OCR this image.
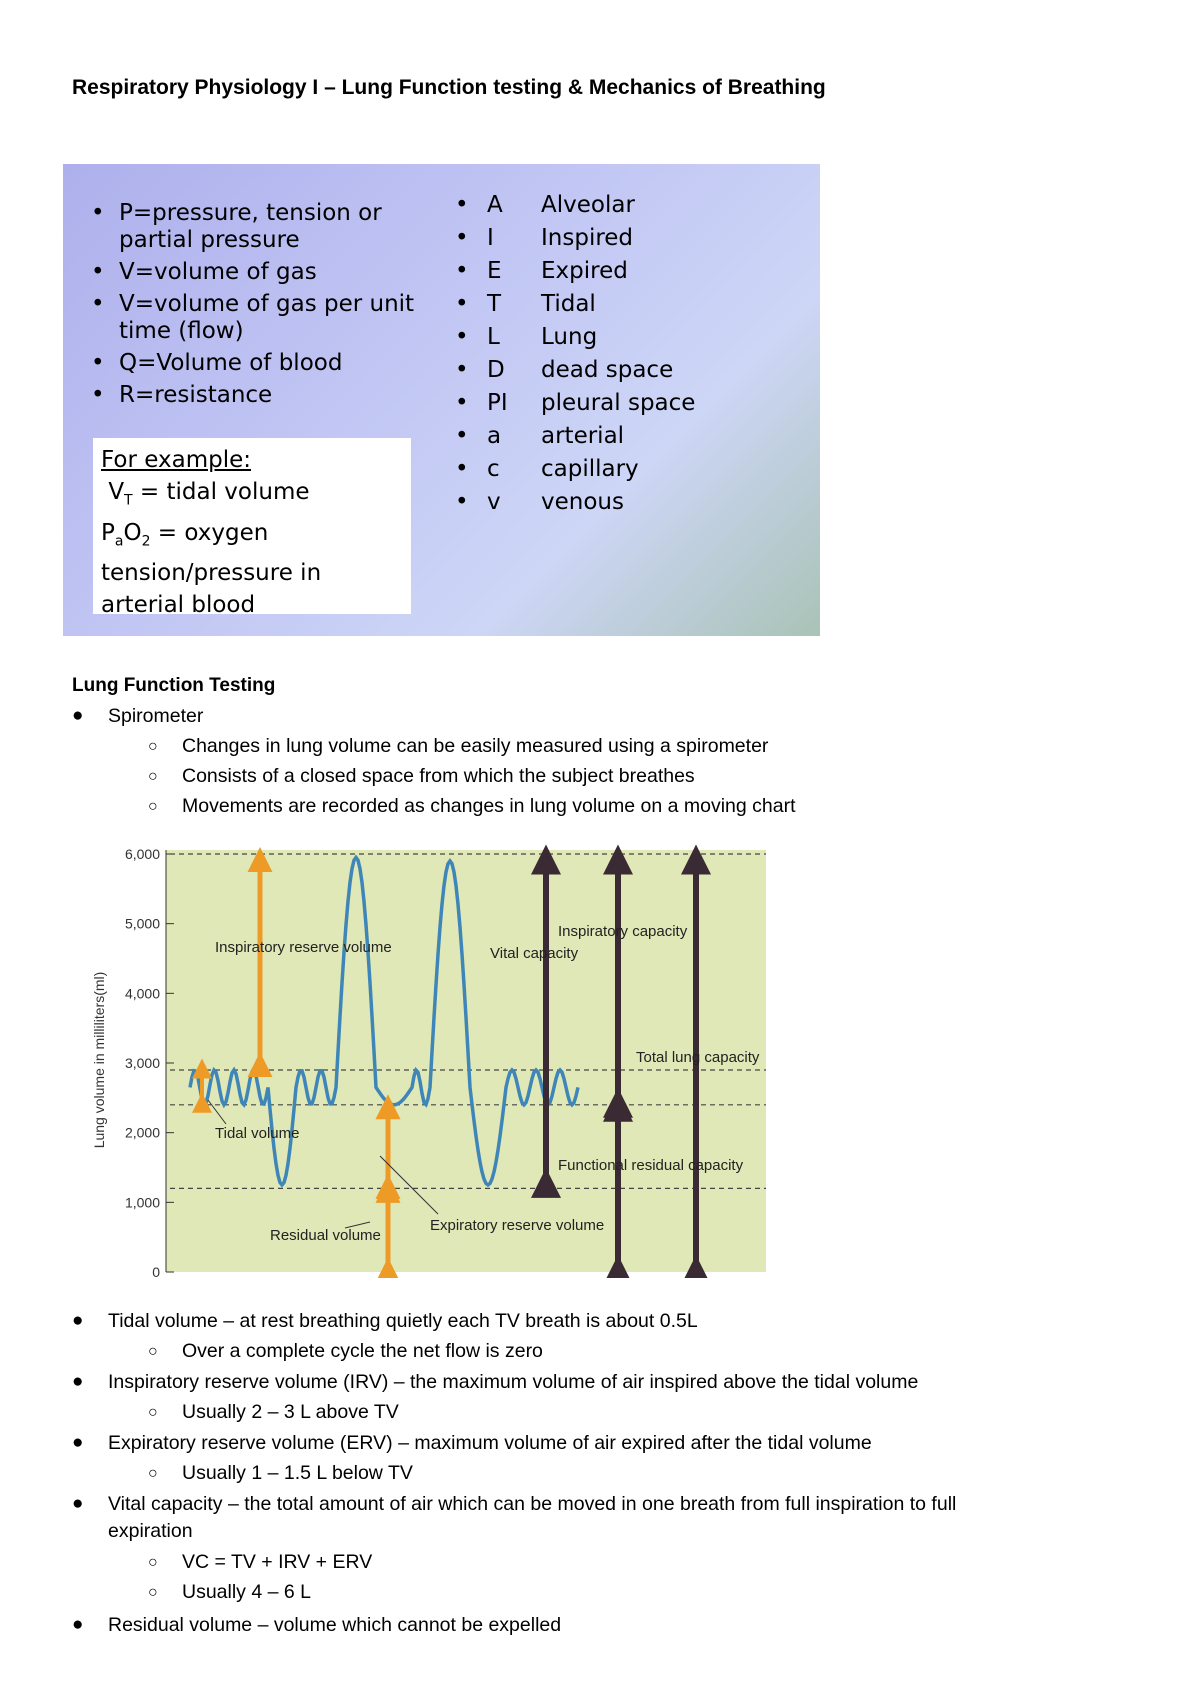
Respiratory Physiology I – Lung Function testing & Mechanics of Breathing
• P=pressure, tension or partial pressure
• V=volume of gas
• V=volume of gas per unit time (flow)
• Q=Volume of blood
• R=resistance
For example:
$V_T$ = tidal volume
$P_aO_2$ = oxygen tension/pressure in arterial blood
• A Alveolar
• I Inspired
• E Expired
• T Tidal
• L Lung
• D dead space
• PI pleural space
• a arterial
• c capillary
• v venous
Lung Function Testing
● Spirometer
○ Changes in lung volume can be easily measured using a spirometer
○ Consists of a closed space from which the subject breathes
○ Movements are recorded as changes in lung volume on a moving chart
0
1,000
2,000
3,000
4,000
5,000
6,000
Lung volume in milliliters(ml)
Inspiratory reserve volume
Tidal volume
Residual volume
Expiratory reserve volume
Vital capacity
Inspiratory capacity
Functional residual capacity
Total lung capacity
● Tidal volume – at rest breathing quietly each TV breath is about 0.5L
○ Over a complete cycle the net flow is zero
● Inspiratory reserve volume (IRV) – the maximum volume of air inspired above the tidal volume
○ Usually 2 – 3 L above TV
● Expiratory reserve volume (ERV) – maximum volume of air expired after the tidal volume
○ Usually 1 – 1.5 L below TV
● Vital capacity – the total amount of air which can be moved in one breath from full inspiration to full
expiration
○ VC = TV + IRV + ERV
○ Usually 4 – 6 L
● Residual volume – volume which cannot be expelled
